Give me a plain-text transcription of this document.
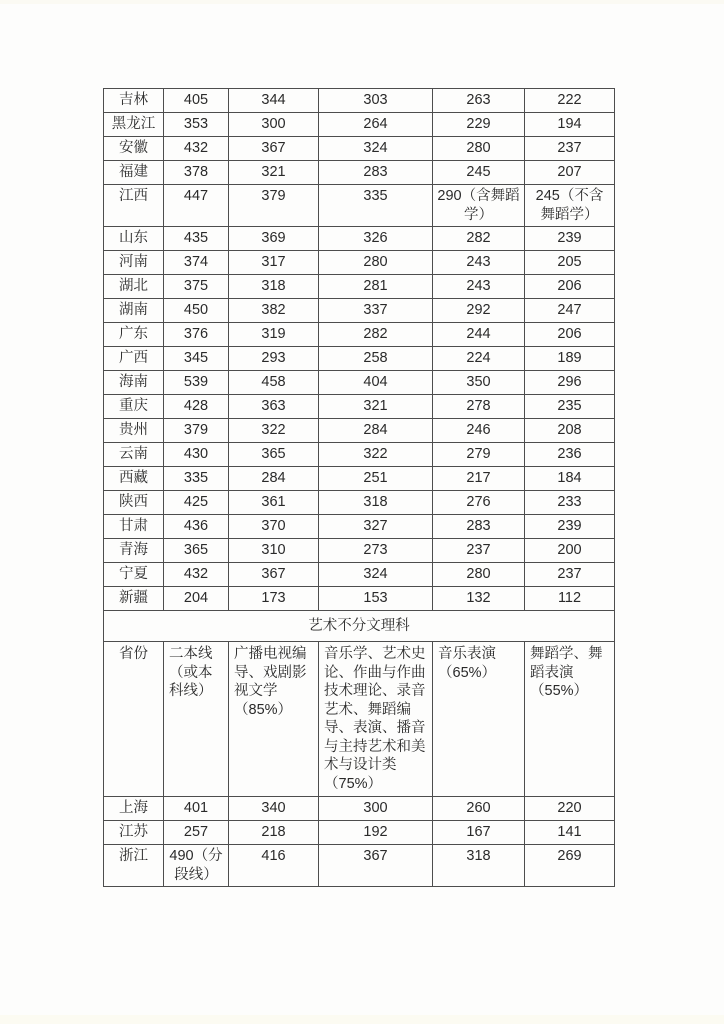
吉林	405	344	303	263	222
黑龙江	353	300	264	229	194
安徽	432	367	324	280	237
福建	378	321	283	245	207
江西	447	379	335	290（含舞蹈学）	245（不含舞蹈学）
山东	435	369	326	282	239
河南	374	317	280	243	205
湖北	375	318	281	243	206
湖南	450	382	337	292	247
广东	376	319	282	244	206
广西	345	293	258	224	189
海南	539	458	404	350	296
重庆	428	363	321	278	235
贵州	379	322	284	246	208
云南	430	365	322	279	236
西藏	335	284	251	217	184
陕西	425	361	318	276	233
甘肃	436	370	327	283	239
青海	365	310	273	237	200
宁夏	432	367	324	280	237
新疆	204	173	153	132	112
艺术不分文理科					
省份	二本线（或本科线）	广播电视编导、戏剧影视文学（85%）	音乐学、艺术史论、作曲与作曲技术理论、录音艺术、舞蹈编导、表演、播音与主持艺术和美术与设计类（75%）	音乐表演（65%）	舞蹈学、舞蹈表演（55%）
上海	401	340	300	260	220
江苏	257	218	192	167	141
浙江	490（分段线）	416	367	318	269
